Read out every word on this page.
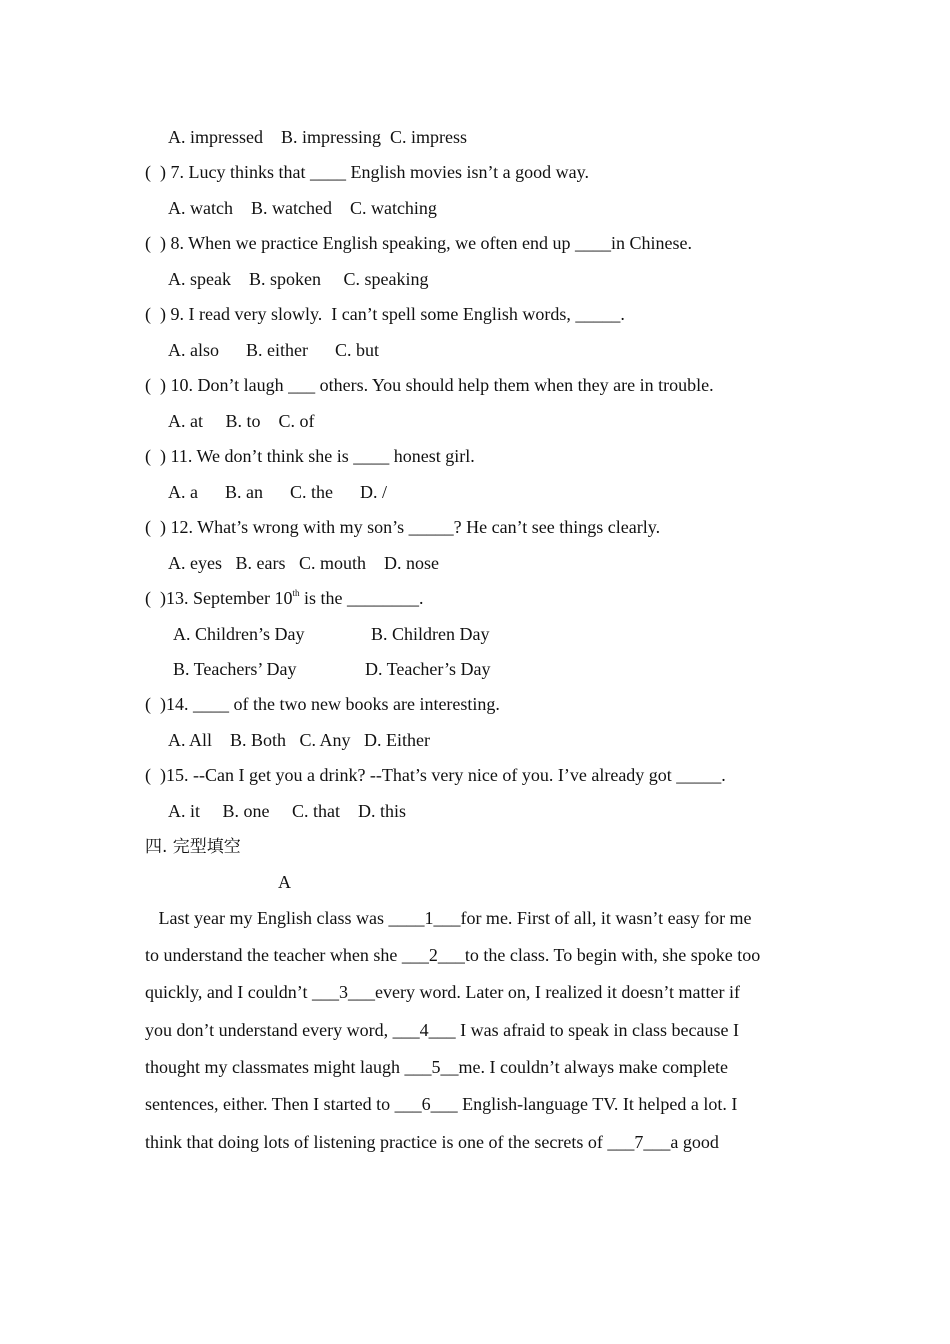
A. impressed    B. impressing  C. impress
(  ) 7. Lucy thinks that ____ English movies isn’t a good way.
A. watch    B. watched    C. watching
(  ) 8. When we practice English speaking, we often end up ____in Chinese.
A. speak    B. spoken     C. speaking
(  ) 9. I read very slowly.  I can’t spell some English words, _____.
A. also      B. either      C. but
(  ) 10. Don’t laugh ___ others. You should help them when they are in trouble.
A. at     B. to    C. of
(  ) 11. We don’t think she is ____ honest girl.
A. a      B. an      C. the      D. /
(  ) 12. What’s wrong with my son’s _____? He can’t see things clearly.
A. eyes   B. ears   C. mouth    D. nose
(  )13. September 10th is the ________.
A. Children’s Day	B. Children Day
B. Teachers’ Day	D. Teacher’s Day
(  )14. ____ of the two new books are interesting.
A. All    B. Both   C. Any   D. Either
(  )15. --Can I get you a drink? --That’s very nice of you. I’ve already got _____.
A. it     B. one     C. that    D. this
四. 完型填空
A
Last year my English class was ____1___for me. First of all, it wasn’t easy for me
to understand the teacher when she ___2___to the class. To begin with, she spoke too
quickly, and I couldn’t ___3___every word. Later on, I realized it doesn’t matter if
you don’t understand every word, ___4___ I was afraid to speak in class because I
thought my classmates might laugh ___5__me. I couldn’t always make complete
sentences, either. Then I started to ___6___ English-language TV. It helped a lot. I
think that doing lots of listening practice is one of the secrets of ___7___a good
